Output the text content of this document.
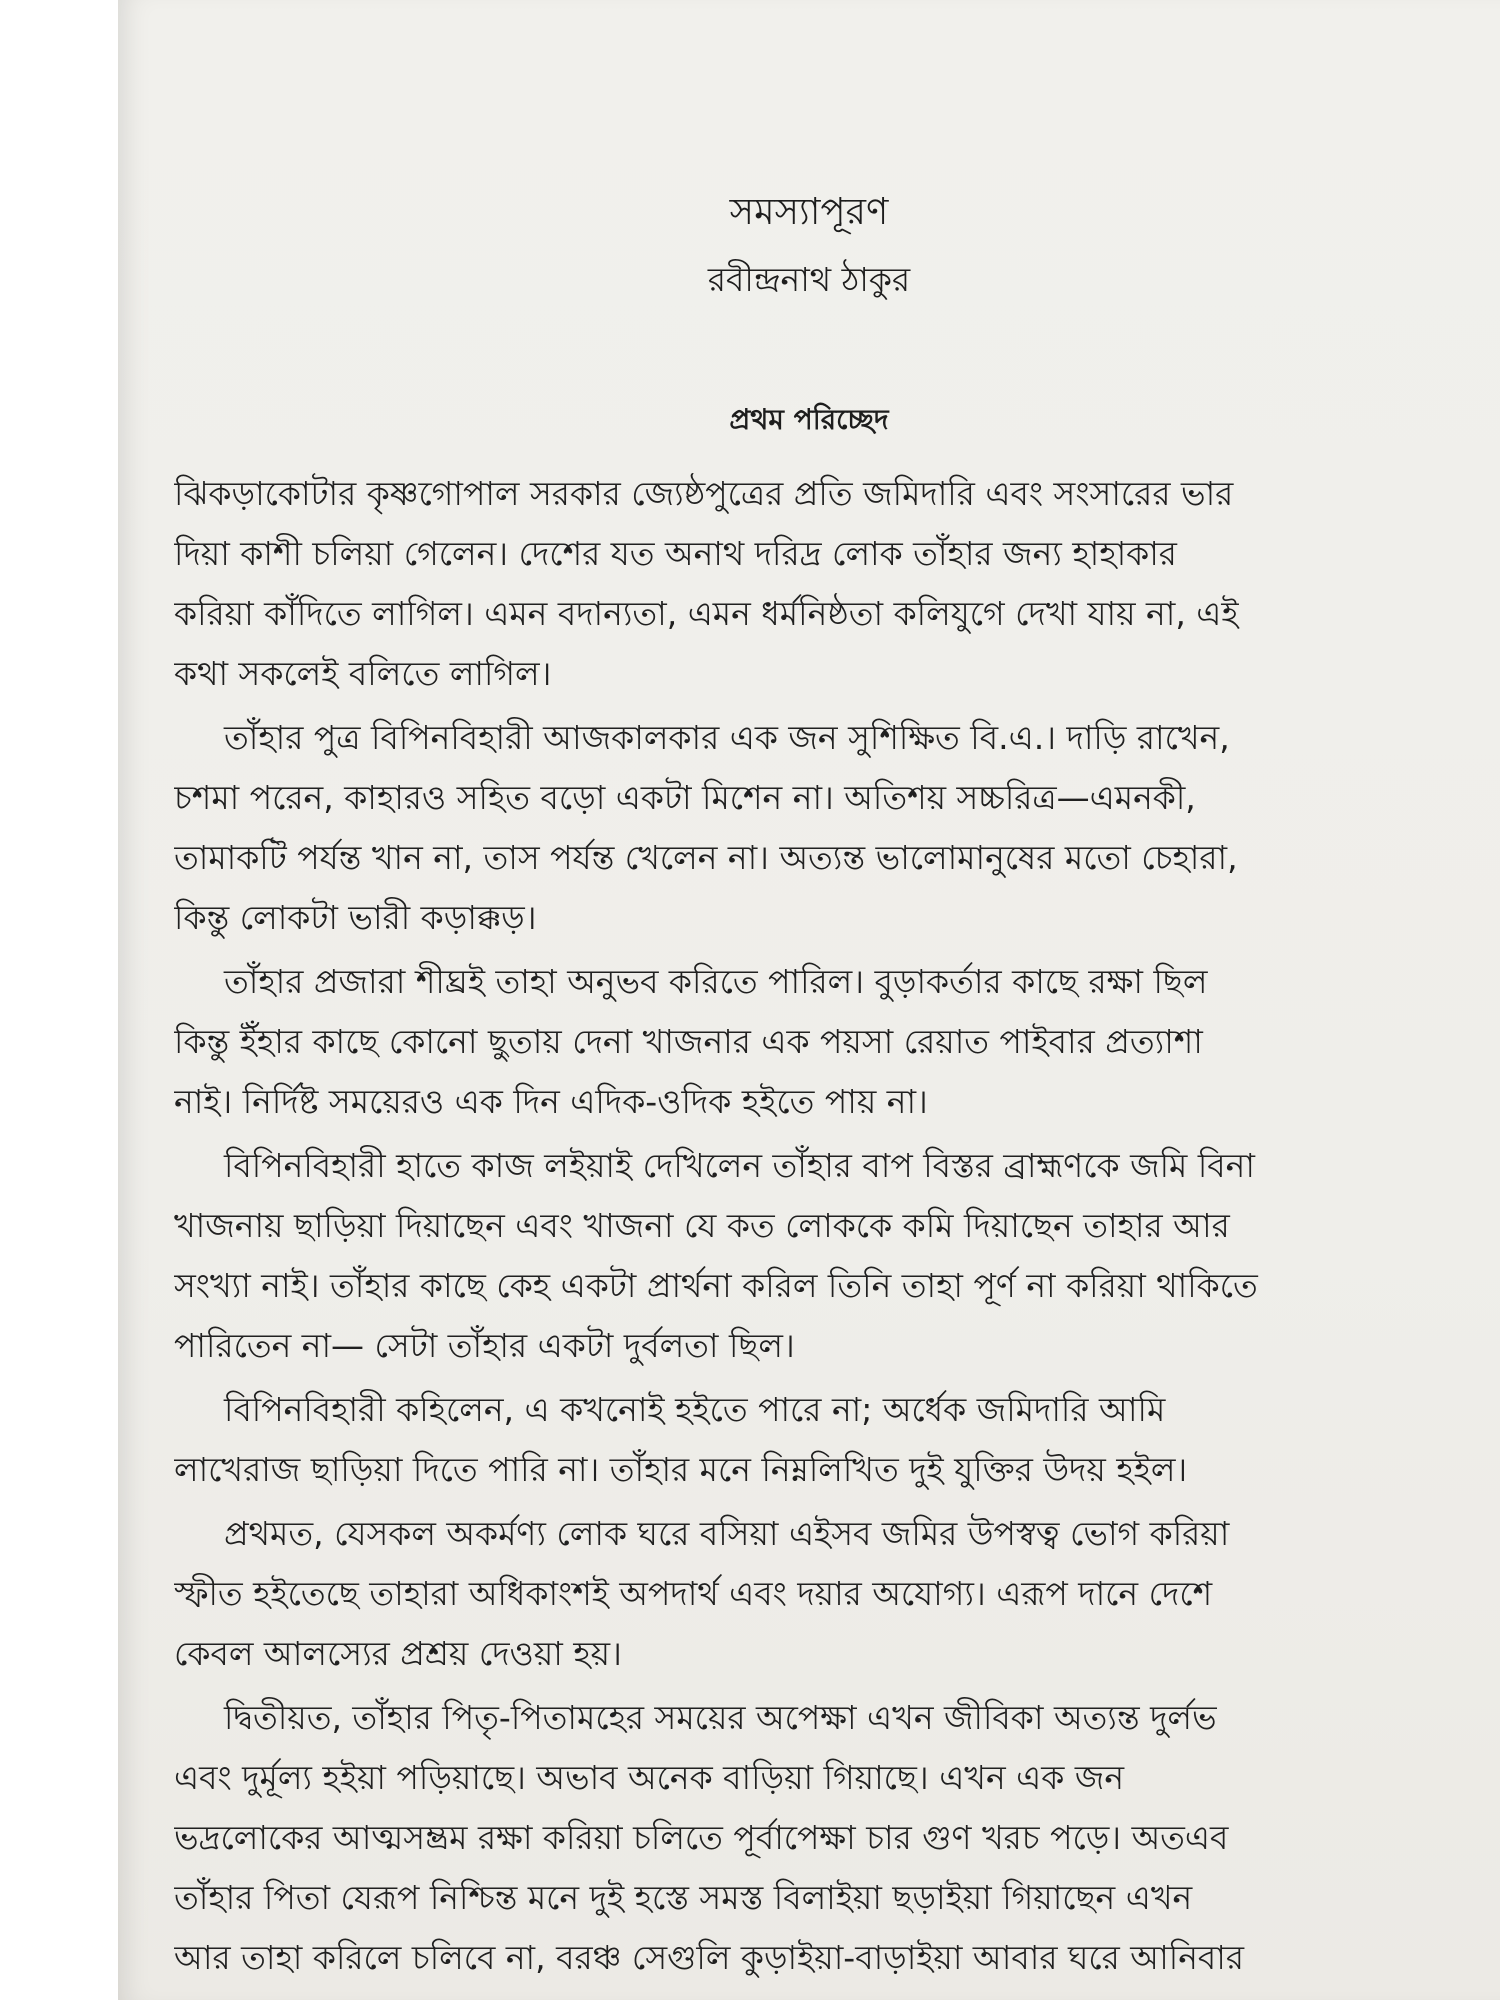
সমস্যাপূরণ
রবীন্দ্রনাথ ঠাকুর
প্রথম পরিচ্ছেদ

ঝিকড়াকোটার কৃষ্ণগোপাল সরকার জ্যেষ্ঠপুত্রের প্রতি জমিদারি এবং সংসারের ভার
দিয়া কাশী চলিয়া গেলেন। দেশের যত অনাথ দরিদ্র লোক তাঁহার জন্য হাহাকার
করিয়া কাঁদিতে লাগিল। এমন বদান্যতা, এমন ধর্মনিষ্ঠতা কলিযুগে দেখা যায় না, এই
কথা সকলেই বলিতে লাগিল।

তাঁহার পুত্র বিপিনবিহারী আজকালকার এক জন সুশিক্ষিত বি.এ.। দাড়ি রাখেন,
চশমা পরেন, কাহারও সহিত বড়ো একটা মিশেন না। অতিশয় সচ্চরিত্র—এমনকী,
তামাকটি পর্যন্ত খান না, তাস পর্যন্ত খেলেন না। অত্যন্ত ভালোমানুষের মতো চেহারা,
কিন্তু লোকটা ভারী কড়াক্কড়।

তাঁহার প্রজারা শীঘ্রই তাহা অনুভব করিতে পারিল। বুড়াকর্তার কাছে রক্ষা ছিল
কিন্তু ইঁহার কাছে কোনো ছুতায় দেনা খাজনার এক পয়সা রেয়াত পাইবার প্রত্যাশা
নাই। নির্দিষ্ট সময়েরও এক দিন এদিক-ওদিক হইতে পায় না।

বিপিনবিহারী হাতে কাজ লইয়াই দেখিলেন তাঁহার বাপ বিস্তর ব্রাহ্মণকে জমি বিনা
খাজনায় ছাড়িয়া দিয়াছেন এবং খাজনা যে কত লোককে কমি দিয়াছেন তাহার আর
সংখ্যা নাই। তাঁহার কাছে কেহ একটা প্রার্থনা করিল তিনি তাহা পূর্ণ না করিয়া থাকিতে
পারিতেন না— সেটা তাঁহার একটা দুর্বলতা ছিল।

বিপিনবিহারী কহিলেন, এ কখনোই হইতে পারে না; অর্ধেক জমিদারি আমি
লাখেরাজ ছাড়িয়া দিতে পারি না। তাঁহার মনে নিম্নলিখিত দুই যুক্তির উদয় হইল।

প্রথমত, যেসকল অকর্মণ্য লোক ঘরে বসিয়া এইসব জমির উপস্বত্ব ভোগ করিয়া
স্ফীত হইতেছে তাহারা অধিকাংশই অপদার্থ এবং দয়ার অযোগ্য। এরূপ দানে দেশে
কেবল আলস্যের প্রশ্রয় দেওয়া হয়।

দ্বিতীয়ত, তাঁহার পিতৃ-পিতামহের সময়ের অপেক্ষা এখন জীবিকা অত্যন্ত দুর্লভ
এবং দুর্মূল্য হইয়া পড়িয়াছে। অভাব অনেক বাড়িয়া গিয়াছে। এখন এক জন
ভদ্রলোকের আত্মসম্ভ্রম রক্ষা করিয়া চলিতে পূর্বাপেক্ষা চার গুণ খরচ পড়ে। অতএব
তাঁহার পিতা যেরূপ নিশ্চিন্ত মনে দুই হস্তে সমস্ত বিলাইয়া ছড়াইয়া গিয়াছেন এখন
আর তাহা করিলে চলিবে না, বরঞ্চ সেগুলি কুড়াইয়া-বাড়াইয়া আবার ঘরে আনিবার
